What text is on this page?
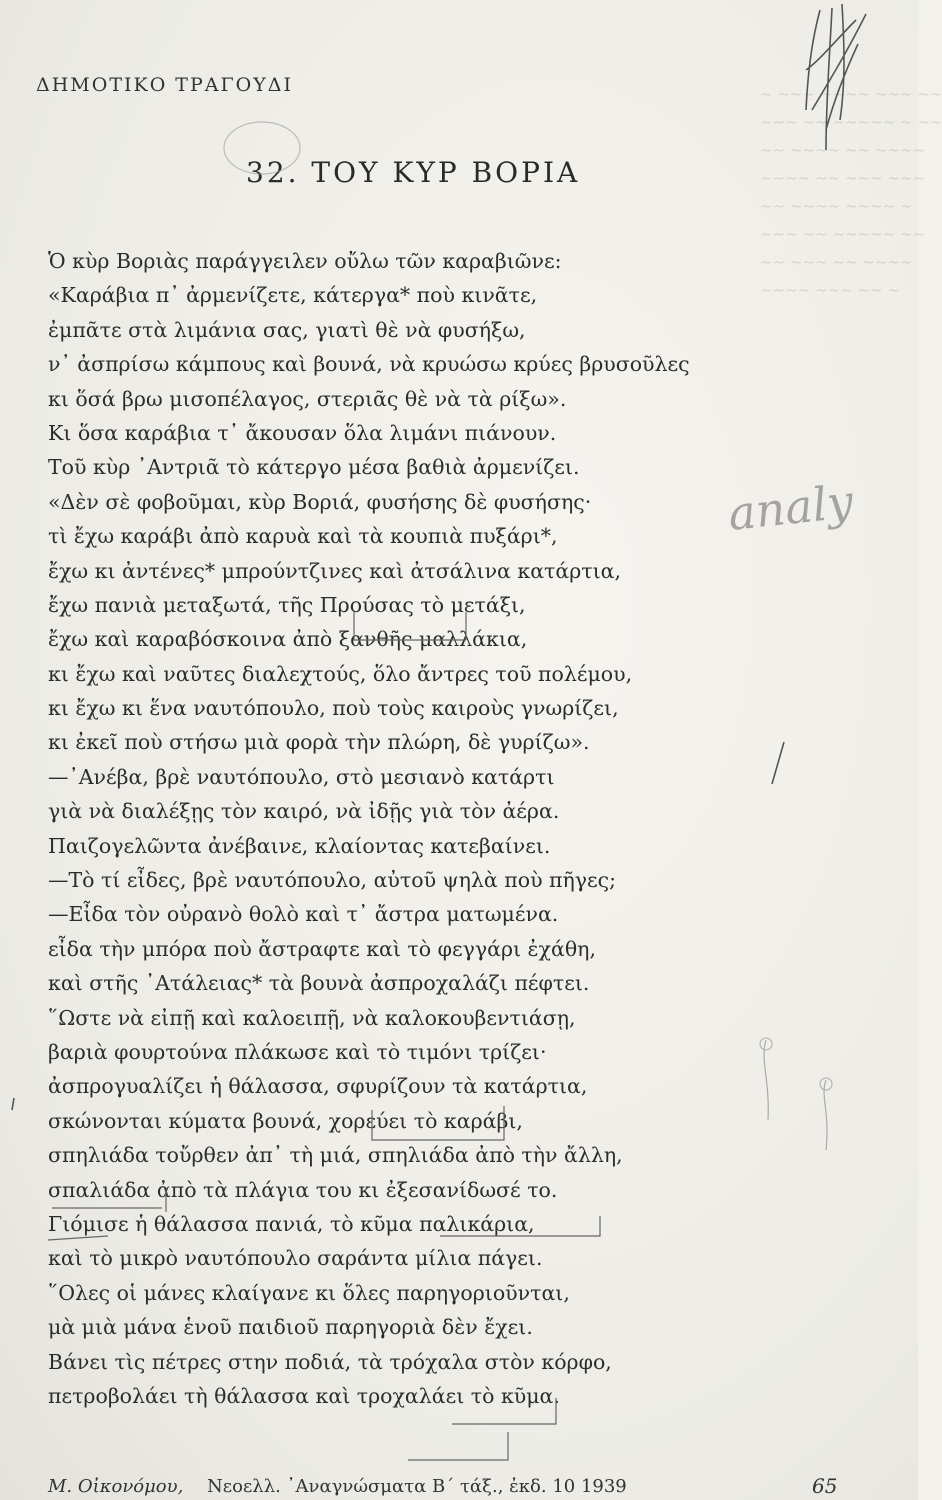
~ ~~~ ~~~~ ~~~ ~~
~~~ ~~ ~~~~~ ~ ~~
~~ ~~~~ ~~ ~~~~
~~~~ ~~ ~~~ ~~~
~~ ~~~~ ~~~~ ~
~~~ ~~ ~~~~~ ~~
~~ ~~~ ~~ ~~~~
~~~~ ~~~ ~~ ~
ΔΗΜΟΤΙΚΟ ΤΡΑΓΟΥΔΙ
32. ΤΟΥ ΚΥΡ ΒΟΡΙΑ
Ὁ κὺρ Βοριὰς παράγγειλεν οὔλω τῶν καραβιῶνε:
«Καράβια π᾽ ἀρμενίζετε, κάτεργα* ποὺ κινᾶτε,
ἐμπᾶτε στὰ λιμάνια σας, γιατὶ θὲ νὰ φυσήξω,
ν᾽ ἀσπρίσω κάμπους καὶ βουνά, νὰ κρυώσω κρύες βρυσοῦλες
κι ὅσά βρω μισοπέλαγος, στεριᾶς θὲ νὰ τὰ ρίξω».
Κι ὅσα καράβια τ᾽ ἄκουσαν ὅλα λιμάνι πιάνουν.
Τοῦ κὺρ ᾿Αντριᾶ τὸ κάτεργο μέσα βαθιὰ ἀρμενίζει.
«Δὲν σὲ φοβοῦμαι, κὺρ Βοριά, φυσήσης δὲ φυσήσης·
τὶ ἔχω καράβι ἀπὸ καρυὰ καὶ τὰ κουπιὰ πυξάρι*,
ἔχω κι ἀντένες* μπρούντζινες καὶ ἀτσάλινα κατάρτια,
ἔχω πανιὰ μεταξωτά, τῆς Προύσας τὸ μετάξι,
ἔχω καὶ καραβόσκοινα ἀπὸ ξανθῆς μαλλάκια,
κι ἔχω καὶ ναῦτες διαλεχτούς, ὅλο ἄντρες τοῦ πολέμου,
κι ἔχω κι ἕνα ναυτόπουλο, ποὺ τοὺς καιροὺς γνωρίζει,
κι ἐκεῖ ποὺ στήσω μιὰ φορὰ τὴν πλώρη, δὲ γυρίζω».
—᾿Ανέβα, βρὲ ναυτόπουλο, στὸ μεσιανὸ κατάρτι
γιὰ νὰ διαλέξῃς τὸν καιρό, νὰ ἰδῇς γιὰ τὸν ἀέρα.
Παιζογελῶντα ἀνέβαινε, κλαίοντας κατεβαίνει.
—Τὸ τί εἶδες, βρὲ ναυτόπουλο, αὐτοῦ ψηλὰ ποὺ πῆγες;
—Εἶδα τὸν οὐρανὸ θολὸ καὶ τ᾽ ἄστρα ματωμένα.
εἶδα τὴν μπόρα ποὺ ἄστραφτε καὶ τὸ φεγγάρι ἐχάθη,
καὶ στῆς ᾿Ατάλειας* τὰ βουνὰ ἀσπροχαλάζι πέφτει.
῞Ωστε νὰ εἰπῇ καὶ καλοειπῇ, νὰ καλοκουβεντιάσῃ,
βαριὰ φουρτούνα πλάκωσε καὶ τὸ τιμόνι τρίζει·
ἀσπρογυαλίζει ἡ θάλασσα, σφυρίζουν τὰ κατάρτια,
σκώνονται κύματα βουνά, χορεύει τὸ καράβι,
σπηλιάδα τοὔρθεν ἀπ᾽ τὴ μιά, σπηλιάδα ἀπὸ τὴν ἄλλη,
σπαλιάδα ἀπὸ τὰ πλάγια του κι ἐξεσανίδωσέ το.
Γιόμισε ἡ θάλασσα πανιά, τὸ κῦμα παλικάρια,
καὶ τὸ μικρὸ ναυτόπουλο σαράντα μίλια πάγει.
῞Ολες οἱ μάνες κλαίγανε κι ὅλες παρηγοριοῦνται,
μὰ μιὰ μάνα ἑνοῦ παιδιοῦ παρηγοριὰ δὲν ἔχει.
Βάνει τὶς πέτρες στην ποδιά, τὰ τρόχαλα στὸν κόρφο,
πετροβολάει τὴ θάλασσα καὶ τροχαλάει τὸ κῦμα.
Μ. Οἰκονόμου, Νεοελλ. ᾿Αναγνώσματα Β΄ τάξ., ἐκδ. 10 1939	65
analy
